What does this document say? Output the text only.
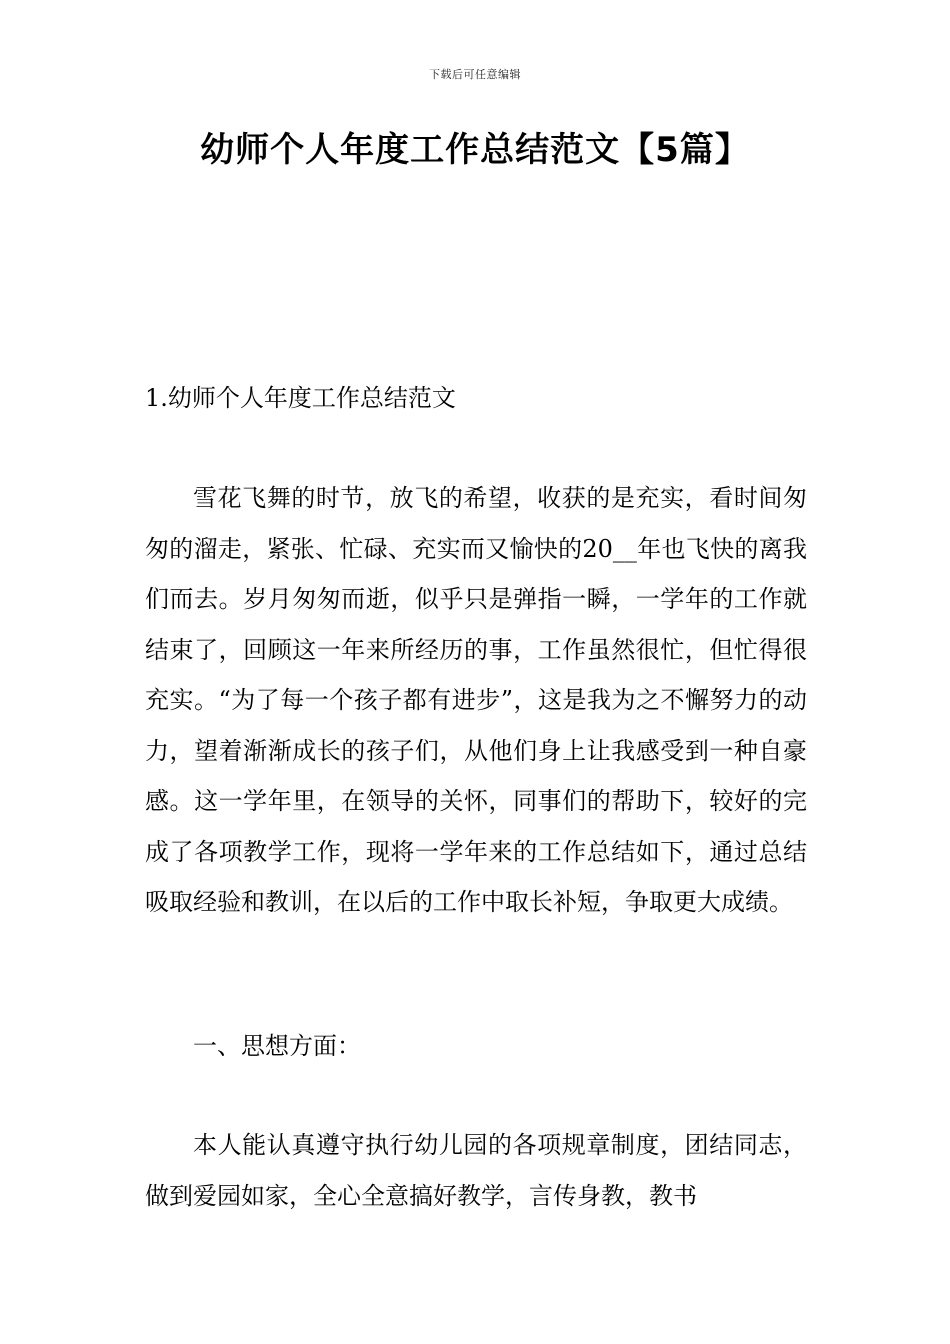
下载后可任意编辑
幼师个人年度工作总结范文【5篇】
1.幼师个人年度工作总结范文

雪花飞舞的时节，放飞的希望，收获的是充实，看时间匆匆的溜走，紧张、忙碌、充实而又愉快的20__年也飞快的离我们而去。岁月匆匆而逝，似乎只是弹指一瞬，一学年的工作就结束了，回顾这一年来所经历的事，工作虽然很忙，但忙得很充实。“为了每一个孩子都有进步”，这是我为之不懈努力的动力，望着渐渐成长的孩子们，从他们身上让我感受到一种自豪感。这一学年里，在领导的关怀，同事们的帮助下，较好的完成了各项教学工作，现将一学年来的工作总结如下，通过总结吸取经验和教训，在以后的工作中取长补短，争取更大成绩。

一、思想方面：

本人能认真遵守执行幼儿园的各项规章制度，团结同志，做到爱园如家，全心全意搞好教学，言传身教，教书
